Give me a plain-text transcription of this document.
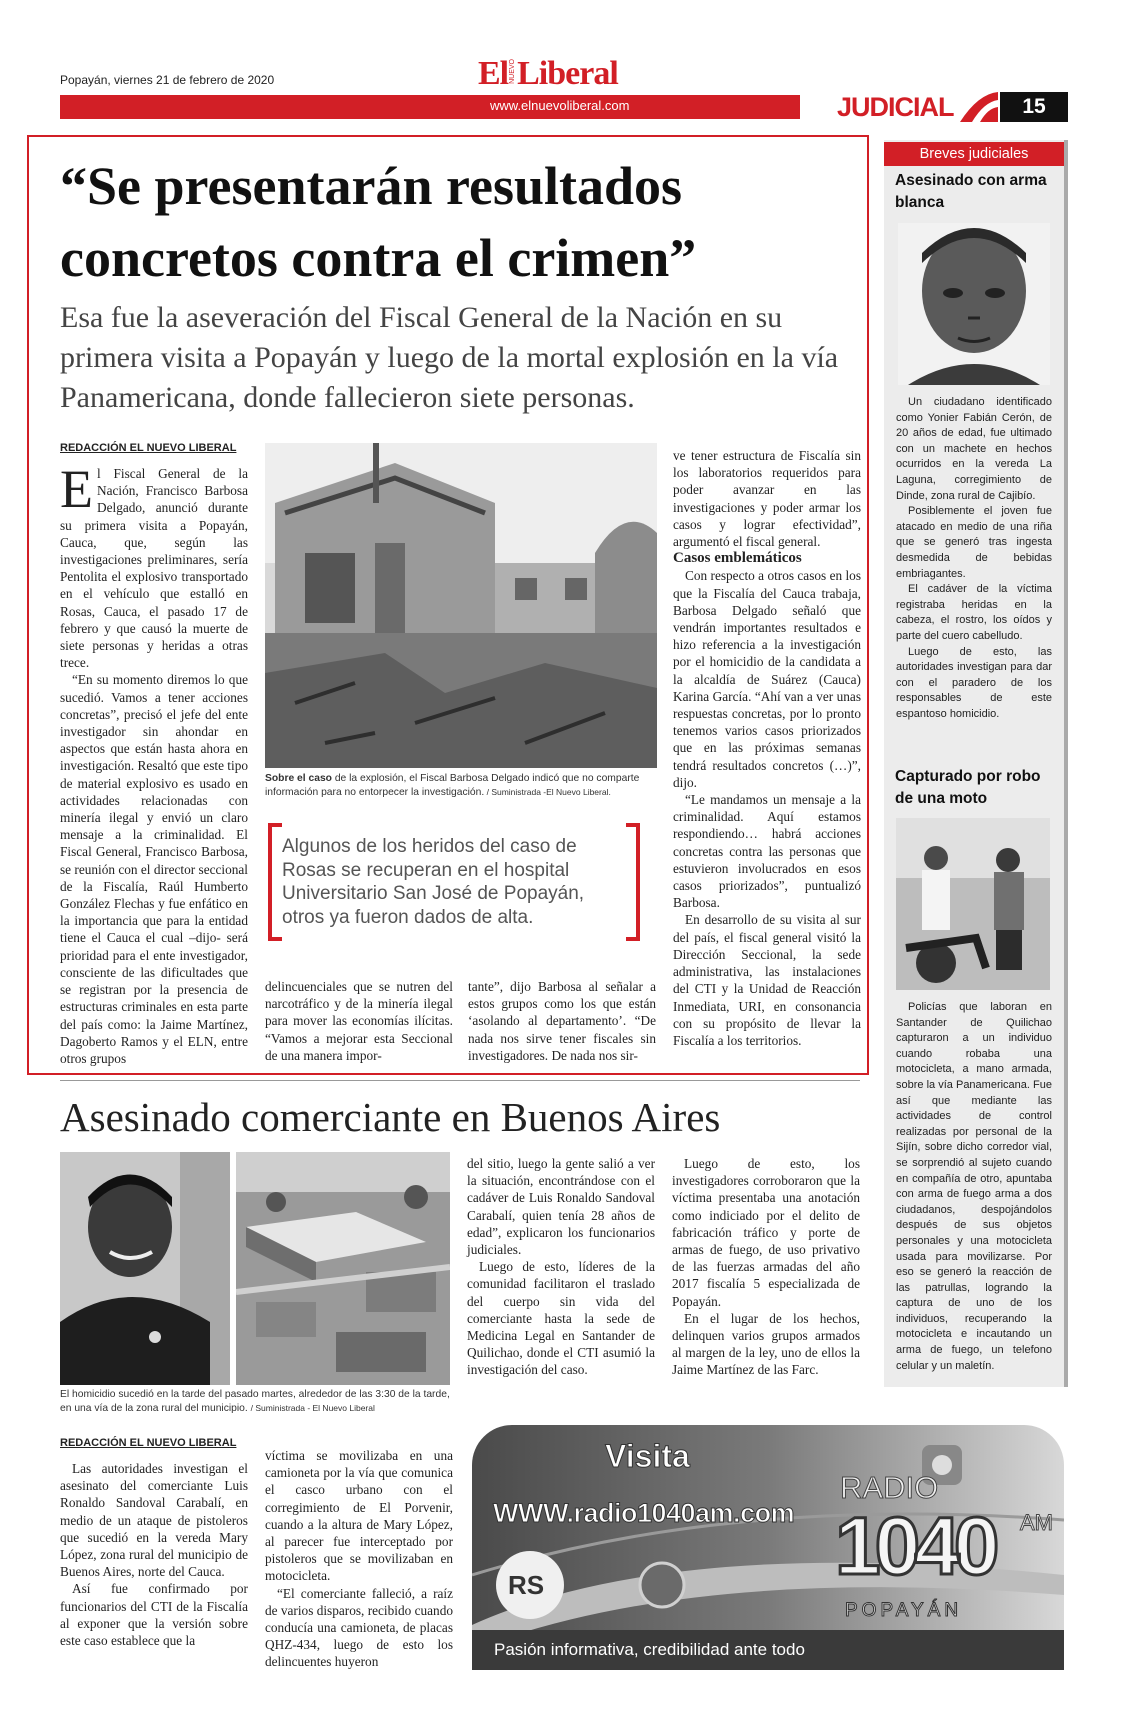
Popayán, viernes 21 de febrero de 2020	ElNUEVOLiberal
www.elnuevoliberal.com	JUDICIAL	15
“Se presentarán resultados concretos contra el crimen”
Esa fue la aseveración del Fiscal General de la Nación en su primera visita a Popayán y luego de la mortal explosión en la vía Panamericana, donde fallecieron siete personas.
REDACCIÓN EL NUEVO LIBERAL

El Fiscal General de la Nación, Francisco Barbosa Delgado, anunció durante su primera visita a Popayán, Cauca, que, según las investigaciones preliminares, sería Pentolita el explosivo transportado en el vehículo que estalló en Rosas, Cauca, el pasado 17 de febrero y que causó la muerte de siete personas y heridas a otras trece.

“En su momento diremos lo que sucedió. Vamos a tener acciones concretas”, precisó el jefe del ente investigador sin ahondar en aspectos que están hasta ahora en investigación. Resaltó que este tipo de material explosivo es usado en actividades relacionadas con minería ilegal y envió un claro mensaje a la criminalidad. El Fiscal General, Francisco Barbosa, se reunión con el director seccional de la Fiscalía, Raúl Humberto González Flechas y fue enfático en la importancia que para la entidad tiene el Cauca el cual –dijo- será prioridad para el ente investigador, consciente de las dificultades que se registran por la presencia de estructuras criminales en esta parte del país como: la Jaime Martínez, Dagoberto Ramos y el ELN, entre otros grupos

Sobre el caso de la explosión, el Fiscal Barbosa Delgado indicó que no comparte información para no entorpecer la investigación. / Suministrada -El Nuevo Liberal.
Algunos de los heridos del caso de Rosas se recuperan en el hospital Universitario San José de Popayán, otros ya fueron dados de alta.

delincuenciales que se nutren del narcotráfico y de la minería ilegal para mover las economías ilícitas. “Vamos a mejorar esta Seccional de una manera impor-

tante”, dijo Barbosa al señalar a estos grupos como los que están ‘asolando al departamento’. “De nada nos sirve tener fiscales sin investigadores. De nada nos sir-

ve tener estructura de Fiscalía sin los laboratorios requeridos para poder avanzar en las investigaciones y poder armar los casos y lograr efectividad”, argumentó el fiscal general.

Casos emblemáticos

Con respecto a otros casos en los que la Fiscalía del Cauca trabaja, Barbosa Delgado señaló que vendrán importantes resultados e hizo referencia a la investigación por el homicidio de la candidata a la alcaldía de Suárez (Cauca) Karina García. “Ahí van a ver unas respuestas concretas, por lo pronto tenemos varios casos priorizados que en las próximas semanas tendrá resultados concretos (…)”, dijo.

“Le mandamos un mensaje a la criminalidad. Aquí estamos respondiendo… habrá acciones concretas contra las personas que estuvieron involucrados en esos casos priorizados”, puntualizó Barbosa.

En desarrollo de su visita al sur del país, el fiscal general visitó la Dirección Seccional, la sede administrativa, las instalaciones del CTI y la Unidad de Reacción Inmediata, URI, en consonancia con su propósito de llevar la Fiscalía a los territorios.

Breves judiciales
Asesinado con arma blanca

Un ciudadano identificado como Yonier Fabián Cerón, de 20 años de edad, fue ultimado con un machete en hechos ocurridos en la vereda La Laguna, corregimiento de Dinde, zona rural de Cajibío.

Posiblemente el joven fue atacado en medio de una riña que se generó tras ingesta desmedida de bebidas embriagantes.

El cadáver de la víctima registraba heridas en la cabeza, el rostro, los oídos y parte del cuero cabelludo.

Luego de esto, las autoridades investigan para dar con el paradero de los responsables de este espantoso homicidio.

Capturado por robo de una moto

Policías que laboran en Santander de Quilichao capturaron a un individuo cuando robaba una motocicleta, a mano armada, sobre la vía Panamericana. Fue así que mediante las actividades de control realizadas por personal de la Sijín, sobre dicho corredor vial, se sorprendió al sujeto cuando en compañía de otro, apuntaba con arma de fuego arma a dos ciudadanos, despojándolos después de sus objetos personales y una motocicleta usada para movilizarse. Por eso se generó la reacción de las patrullas, logrando la captura de uno de los individuos, recuperando la motocicleta e incautando un arma de fuego, un telefono celular y un maletín.

Asesinado comerciante en Buenos Aires
El homicidio sucedió en la tarde del pasado martes, alrededor de las 3:30 de la tarde, en una vía de la zona rural del municipio. / Suministrada - El Nuevo Liberal
REDACCIÓN EL NUEVO LIBERAL

del sitio, luego la gente salió a ver la situación, encontrándose con el cadáver de Luis Ronaldo Sandoval Carabalí, quien tenía 28 años de edad”, explicaron los funcionarios judiciales.

Luego de esto, líderes de la comunidad facilitaron el traslado del cuerpo sin vida del comerciante hasta la sede de Medicina Legal en Santander de Quilichao, donde el CTI asumió la investigación del caso.

Luego de esto, los investigadores corroboraron que la víctima presentaba una anotación como indiciado por el delito de fabricación tráfico y porte de armas de fuego, de uso privativo de las fuerzas armadas del año 2017 fiscalía 5 especializada de Popayán.

En el lugar de los hechos, delinquen varios grupos armados al margen de la ley, uno de ellos la Jaime Martínez de las Farc.

Las autoridades investigan el asesinato del comerciante Luis Ronaldo Sandoval Carabalí, en medio de un ataque de pistoleros que sucedió en la vereda Mary López, zona rural del municipio de Buenos Aires, norte del Cauca.

Así fue confirmado por funcionarios del CTI de la Fiscalía al exponer que la versión sobre este caso establece que la

víctima se movilizaba en una camioneta por la vía que comunica el casco urbano con el corregimiento de El Porvenir, cuando a la altura de Mary López, al parecer fue interceptado por pistoleros que se movilizaban en motocicleta.

“El comerciante falleció, a raíz de varios disparos, recibido cuando conducía una camioneta, de placas QHZ-434, luego de esto los delincuentes huyeron

Visita
WWW.radio1040am.com
RADIO
1040 AM
POPAYÁN
RS
Pasión informativa, credibilidad ante todo
